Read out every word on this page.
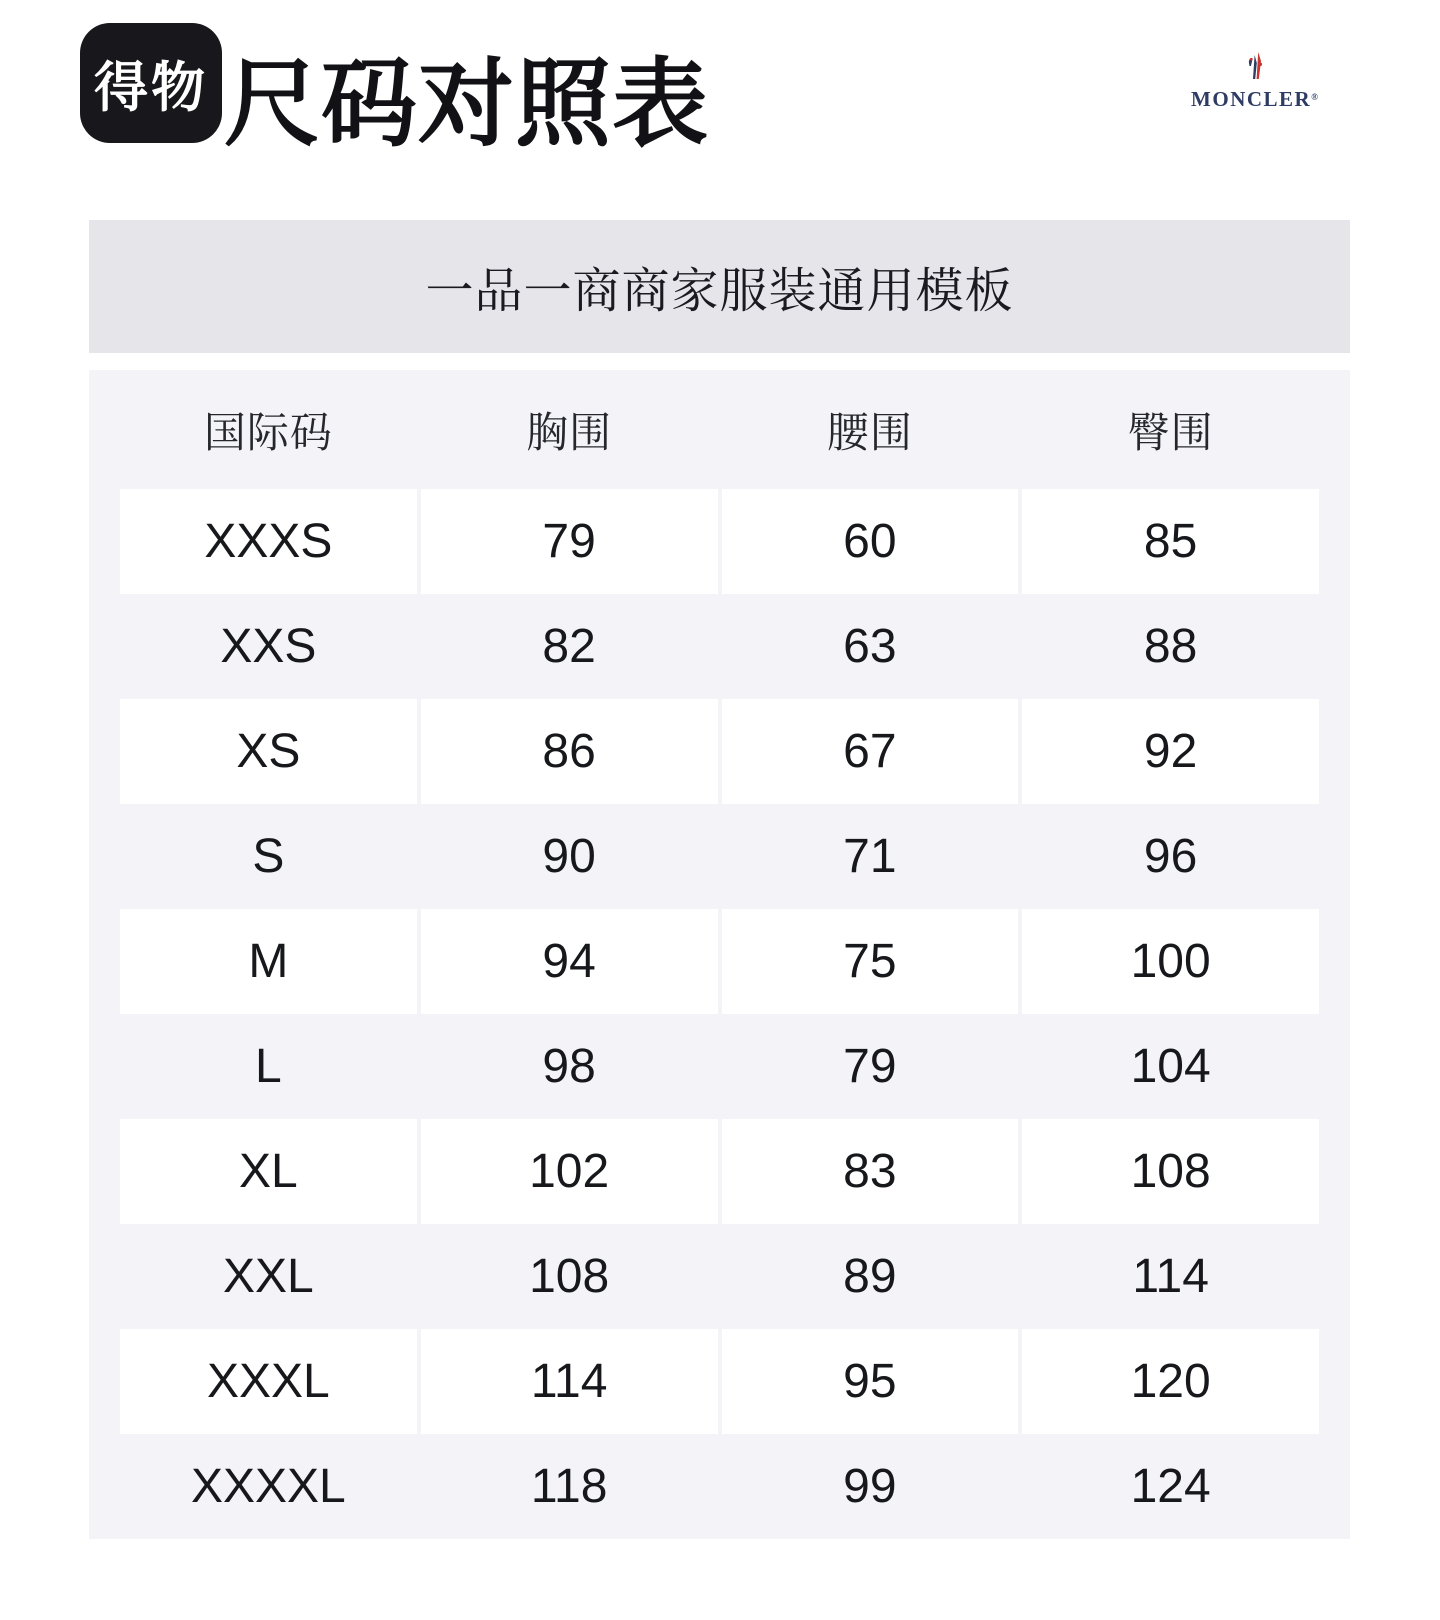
得物 尺码对照表	MONCLER®
一品一商商家服装通用模板
国际码	胸围	腰围	臀围
XXXS	79	60	85
XXS	82	63	88
XS	86	67	92
S	90	71	96
M	94	75	100
L	98	79	104
XL	102	83	108
XXL	108	89	114
XXXL	114	95	120
XXXXL	118	99	124
